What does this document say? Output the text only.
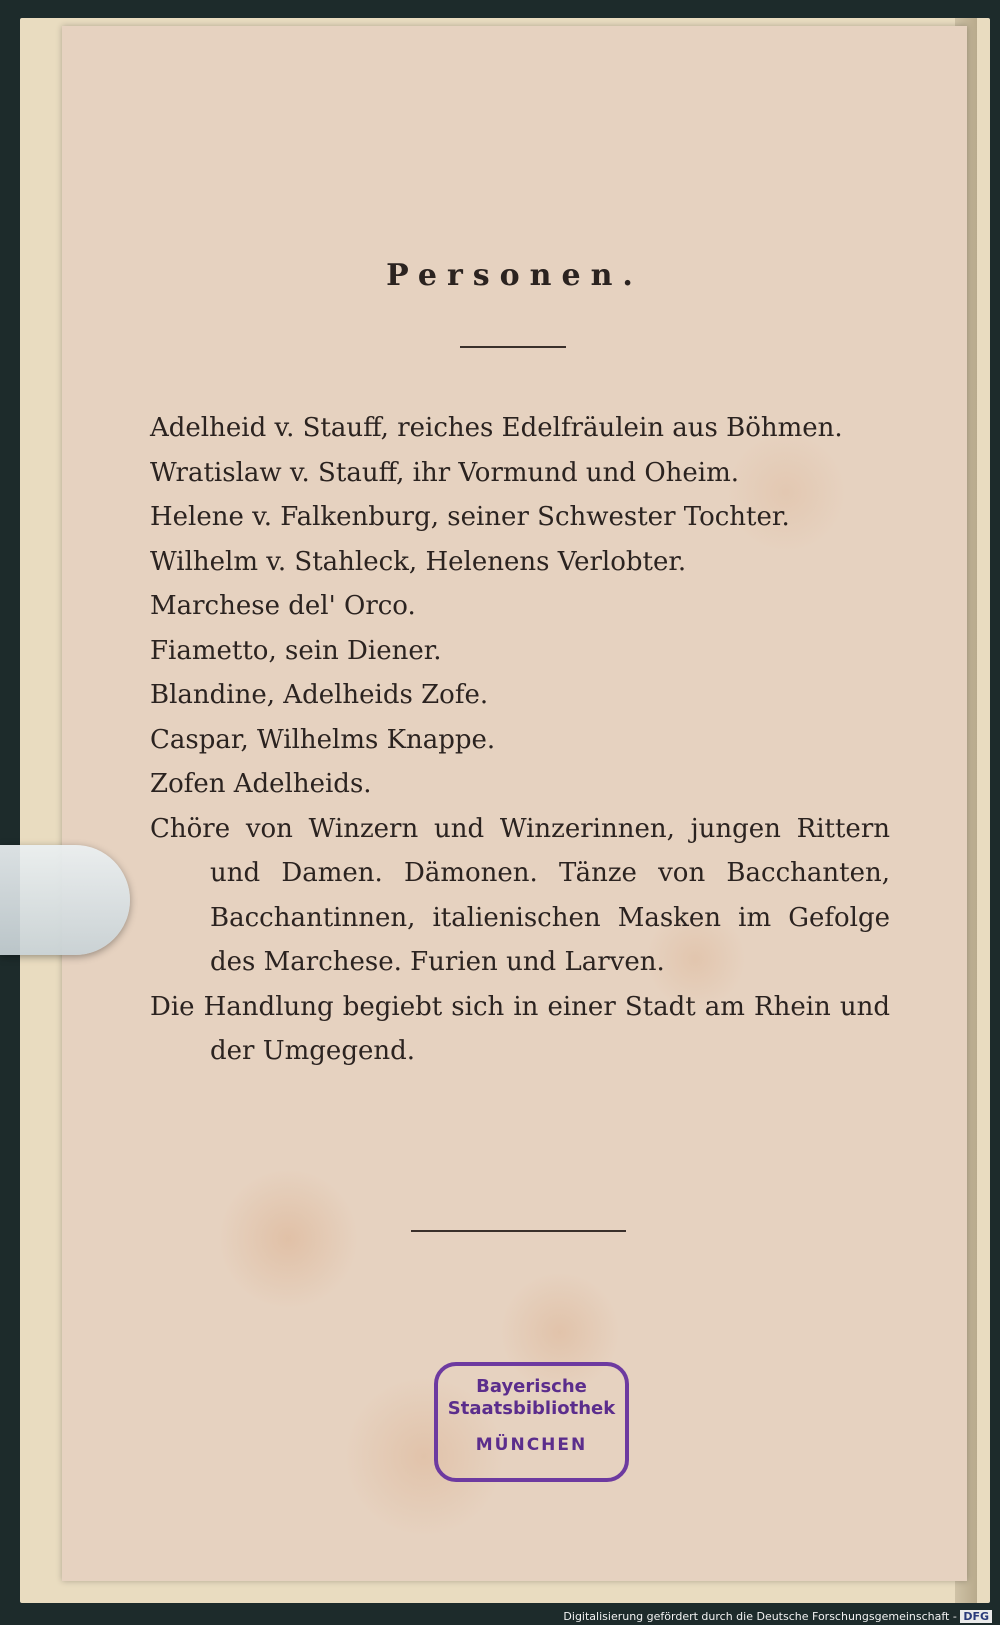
Personen.

Adelheid v. Stauff, reiches Edelfräulein aus Böhmen.

Wratislaw v. Stauff, ihr Vormund und Oheim.

Helene v. Falkenburg, seiner Schwester Tochter.

Wilhelm v. Stahleck, Helenens Verlobter.

Marchese del' Orco.

Fiametto, sein Diener.

Blandine, Adelheids Zofe.

Caspar, Wilhelms Knappe.

Zofen Adelheids.

Chöre von Winzern und Winzerinnen, jungen Rittern und Damen. Dämonen. Tänze von Bacchanten, Bacchantinnen, italienischen Masken im Gefolge des Marchese. Furien und Larven.

Die Handlung begiebt sich in einer Stadt am Rhein und der Umgegend.

Bayerische
Staatsbibliothek
MÜNCHEN
Digitalisierung gefördert durch die Deutsche Forschungsgemeinschaft - DFG
